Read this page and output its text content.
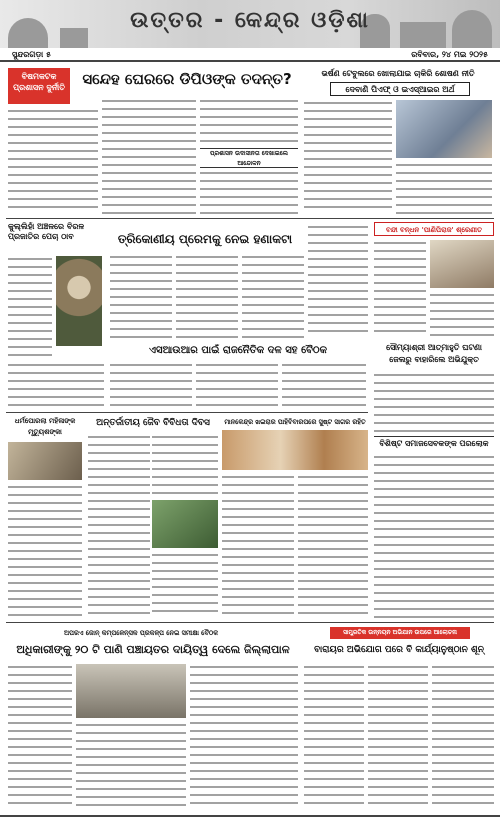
ଉତ୍ତର - କେନ୍ଦ୍ର ଓଡ଼ିଶା
ସୁନ୍ଦରଗଡ଼ା ୫	ରବିବାର, ୨୪ ମଇ ୨୦୨୫
ବିଷମକଟକ ପ୍ରଶାସନ ଦୁର୍ନୀତି	ସନ୍ଦେହ ଘେରରେ ଡିପିଓଙ୍କ ତଦନ୍ତ?
ପ୍ରଶାସନ ଉଦାସୀନତା ଦେଖାଇଲେ ଆନ୍ଦୋଳନ
ଭର୍ଷଣ ଟେବୁଲରେ ଖୋଲାଯାଇ ଚାକିରି ଶୋଷଣ ନୀତି
ଦେବାଣି ପିଏଫ୍ ଓ ଇଏସ୍‌ଆଇର ଅର୍ଥ
କୁଲ୍ଲିହାଁ ଅଞ୍ଚଳରେ ବିରଳ ପ୍ରଜାତିର ପେଚା ଠାବ	ତ୍ରିକୋଣୀୟ ପ୍ରେମକୁ ନେଇ ହଣାକଟା
ବନ୍ଦୀ ବନ୍ଧନ 'ପାଣିପିରାଜ' ଶ୍ରେଣୀତ
ଏସଆଉଆର ପାଇଁ ରାଜନୈତିକ ଦଳ ସହ ବୈଠକ	ସୌମ୍ୟାଶ୍ରୀ ଆତ୍ମାହୁତି ଘଟଣା ଜେଲରୁ ବାହାରିଲେ ଅଭିଯୁକ୍ତ
ଧର୍ମପୋରଲା ମହିଳାଙ୍କ ମୃତ୍ୟୁଶଙ୍କା
ଅନ୍ତର୍ଜାତୀୟ ଜୈବ ବିବିଧତା ଦିବସ	ମାନକେନ୍ଦ୍ର ଖଇରାର ପାହିବିବାରପରେ ସୁଷ୍ଟ ସାଗର ରହିତ
ବିଶିଷ୍ଟ ସମାଜସେବକଙ୍କ ପରଲୋକ
ଅପରଏ ଜୋନ୍ କମ୍ପଳେନ୍ସଳ ପ୍ରକଳ୍ପ ନେଇ ସମୀକ୍ଷା ବୈଠକ
ଅଧିକାରୀଙ୍କୁ ୨୦ ଟି ପାଣି ପଞ୍ଚାୟତର ଦାୟିତ୍ୱ ଦେଲେ ଜିଲ୍ଲାପାଳ
ସାମ୍ପ୍ରତିକ ଉନ୍ନୟନ ଅଭିଯାନ ଉପରେ ଆଲୋଚନା
ବାରାୟର ଅଭିଯୋଗ ପରେ ବି କାର୍ଯ୍ୟାନୁଷ୍ଠାନ ଶୂନ୍
